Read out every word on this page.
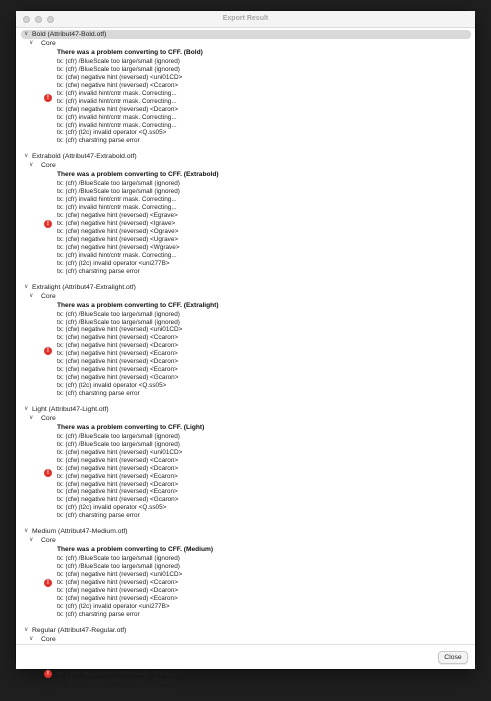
Export Result
∨ Bold (Attribut47-Bold.otf)
∨ Core
There was a problem converting to CFF. (Bold)
tx: (cfr) /BlueScale too large/small (ignored)
tx: (cfr) /BlueScale too large/small (ignored)
tx: (cfw) negative hint (reversed) <uni01CD>
tx: (cfw) negative hint (reversed) <Ccaron>
tx: (cfr) invalid hint/cntr mask. Correcting...
tx: (cfr) invalid hint/cntr mask. Correcting...
tx: (cfw) negative hint (reversed) <Dcaron>
tx: (cfr) invalid hint/cntr mask. Correcting...
tx: (cfr) invalid hint/cntr mask. Correcting...
tx: (cfr) (t2c) invalid operator <Q.ss05>
tx: (cfr) charstring parse error
!
∨ Extrabold (Attribut47-Extrabold.otf)
∨ Core
There was a problem converting to CFF. (Extrabold)
tx: (cfr) /BlueScale too large/small (ignored)
tx: (cfr) /BlueScale too large/small (ignored)
tx: (cfr) invalid hint/cntr mask. Correcting...
tx: (cfr) invalid hint/cntr mask. Correcting...
tx: (cfw) negative hint (reversed) <Egrave>
tx: (cfw) negative hint (reversed) <Igrave>
tx: (cfw) negative hint (reversed) <Ograve>
tx: (cfw) negative hint (reversed) <Ugrave>
tx: (cfw) negative hint (reversed) <Wgrave>
tx: (cfr) invalid hint/cntr mask. Correcting...
tx: (cfr) (t2c) invalid operator <uni277B>
tx: (cfr) charstring parse error
!
∨ Extralight (Attribut47-Extralight.otf)
∨ Core
There was a problem converting to CFF. (Extralight)
tx: (cfr) /BlueScale too large/small (ignored)
tx: (cfr) /BlueScale too large/small (ignored)
tx: (cfw) negative hint (reversed) <uni01CD>
tx: (cfw) negative hint (reversed) <Ccaron>
tx: (cfw) negative hint (reversed) <Dcaron>
tx: (cfw) negative hint (reversed) <Ecaron>
tx: (cfw) negative hint (reversed) <Dcaron>
tx: (cfw) negative hint (reversed) <Ecaron>
tx: (cfw) negative hint (reversed) <Gcaron>
tx: (cfr) (t2c) invalid operator <Q.ss05>
tx: (cfr) charstring parse error
!
∨ Light (Attribut47-Light.otf)
∨ Core
There was a problem converting to CFF. (Light)
tx: (cfr) /BlueScale too large/small (ignored)
tx: (cfr) /BlueScale too large/small (ignored)
tx: (cfw) negative hint (reversed) <uni01CD>
tx: (cfw) negative hint (reversed) <Ccaron>
tx: (cfw) negative hint (reversed) <Dcaron>
tx: (cfw) negative hint (reversed) <Ecaron>
tx: (cfw) negative hint (reversed) <Dcaron>
tx: (cfw) negative hint (reversed) <Ecaron>
tx: (cfw) negative hint (reversed) <Gcaron>
tx: (cfr) (t2c) invalid operator <Q.ss05>
tx: (cfr) charstring parse error
!
∨ Medium (Attribut47-Medium.otf)
∨ Core
There was a problem converting to CFF. (Medium)
tx: (cfr) /BlueScale too large/small (ignored)
tx: (cfr) /BlueScale too large/small (ignored)
tx: (cfw) negative hint (reversed) <uni01CD>
tx: (cfw) negative hint (reversed) <Ccaron>
tx: (cfw) negative hint (reversed) <Dcaron>
tx: (cfw) negative hint (reversed) <Ecaron>
tx: (cfr) (t2c) invalid operator <uni277B>
tx: (cfr) charstring parse error
!
∨ Regular (Attribut47-Regular.otf)
∨ Core
tx: (cfw) negative hint (reversed) <uni01CD>
tx: (cfw) negative hint (reversed) <Ccaron>
tx: (cfw) negative hint (reversed) <Dcaron>
tx: (cfw) negative hint (reversed) <Ecaron>
!
Close
